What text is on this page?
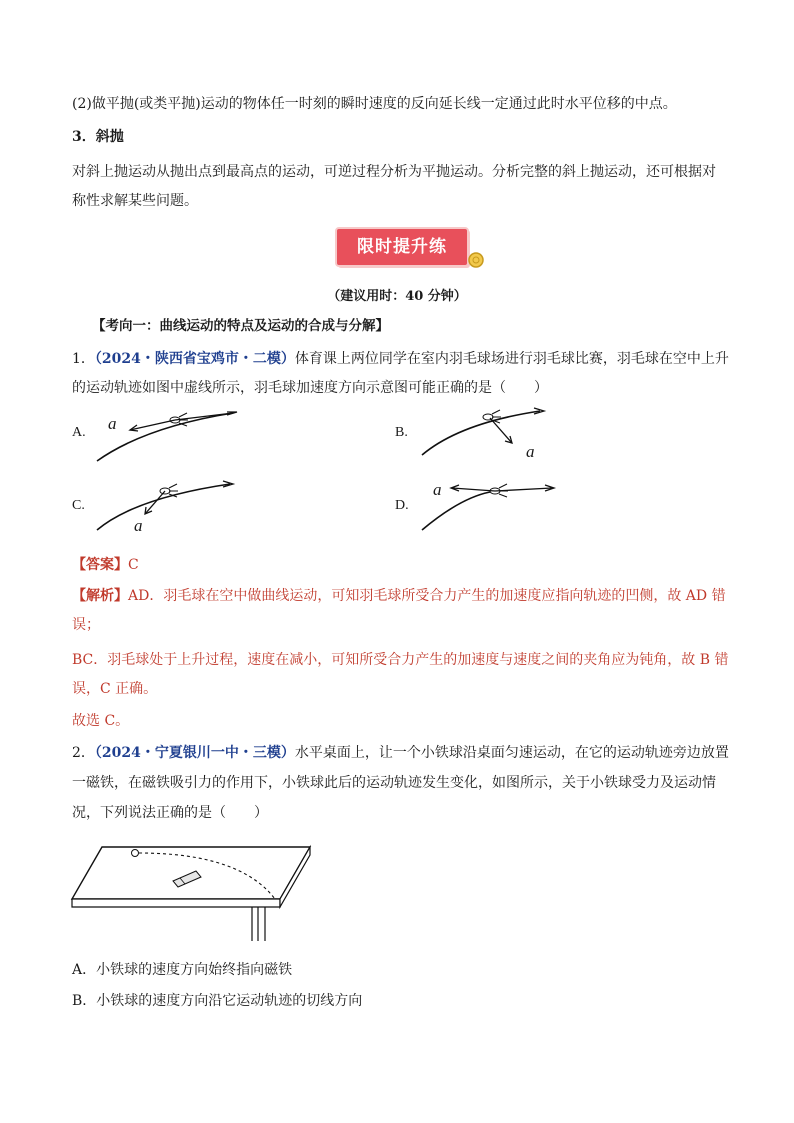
(2)做平抛(或类平抛)运动的物体任一时刻的瞬时速度的反向延长线一定通过此时水平位移的中点。
3．斜抛
对斜上抛运动从抛出点到最高点的运动，可逆过程分析为平抛运动。分析完整的斜上抛运动，还可根据对
称性求解某些问题。
限时提升练
（建议用时：40 分钟）
【考向一：曲线运动的特点及运动的合成与分解】
1．（2024・陕西省宝鸡市・二模）体育课上两位同学在室内羽毛球场进行羽毛球比赛，羽毛球在空中上升
的运动轨迹如图中虚线所示，羽毛球加速度方向示意图可能正确的是（　　）
A. a	B.
a
C.
a
D.
a
【答案】C
【解析】AD．羽毛球在空中做曲线运动，可知羽毛球所受合力产生的加速度应指向轨迹的凹侧，故 AD 错
误；
BC．羽毛球处于上升过程，速度在减小，可知所受合力产生的加速度与速度之间的夹角应为钝角，故 B 错
误，C 正确。
故选 C。
2．（2024・宁夏银川一中・三模）水平桌面上，让一个小铁球沿桌面匀速运动，在它的运动轨迹旁边放置
一磁铁，在磁铁吸引力的作用下，小铁球此后的运动轨迹发生变化，如图所示，关于小铁球受力及运动情
况，下列说法正确的是（　　）
A．小铁球的速度方向始终指向磁铁
B．小铁球的速度方向沿它运动轨迹的切线方向
